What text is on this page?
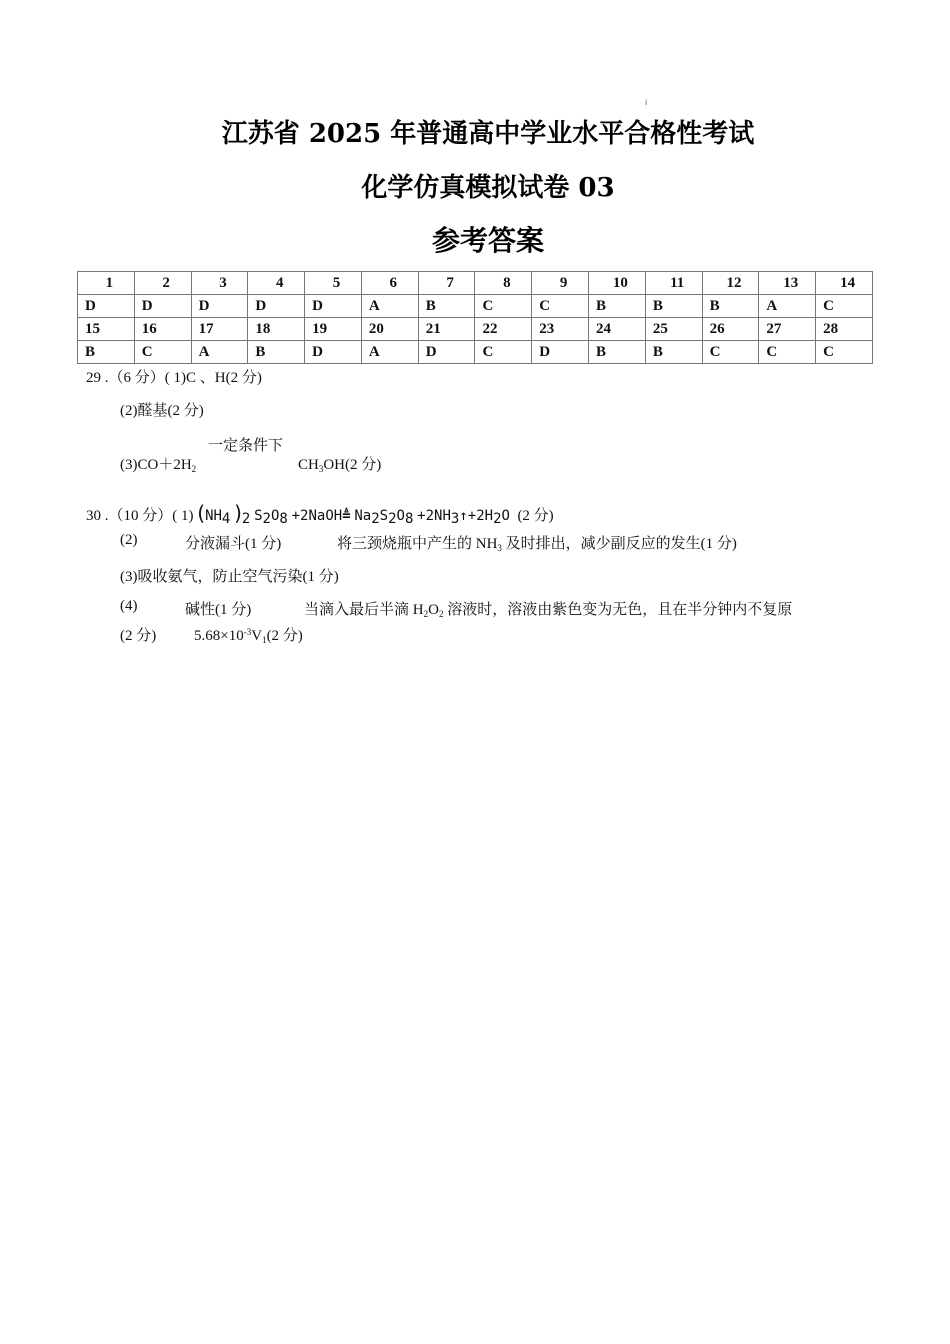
i
江苏省 2025 年普通高中学业水平合格性考试
化学仿真模拟试卷 03
参考答案
1	2	3	4	5	6	7	8	9	10	11	12	13	14
D	D	D	D	D	A	B	C	C	B	B	B	A	C
15	16	17	18	19	20	21	22	23	24	25	26	27	28
B	C	A	B	D	A	D	C	D	B	B	C	C	C
29 .（6 分）( 1)C 、H(2 分)
(2)醛基(2 分)
一定条件下
$(3)CO+2H_2$	$CH_3OH(2$ 分)
30 .（10 分）( 1) ($NH_4$ )$_2$ $S_2O_8$ +2NaOH≜ $Na_2S_2O_8$ $+2NH_3↑+2H_2O$ (2 分)
(2)	分液漏斗(1 分)	将三颈烧瓶中产生的 $NH_3$ 及时排出，减少副反应的发生(1 分)
(3)吸收氨气，防止空气污染(1 分)
(4)	碱性(1 分)	当滴入最后半滴 $H_2O_2$ 溶液时，溶液由紫色变为无色，且在半分钟内不复原
(2 分)	$5.68\times 10^{-3}V_1(2$ 分)
